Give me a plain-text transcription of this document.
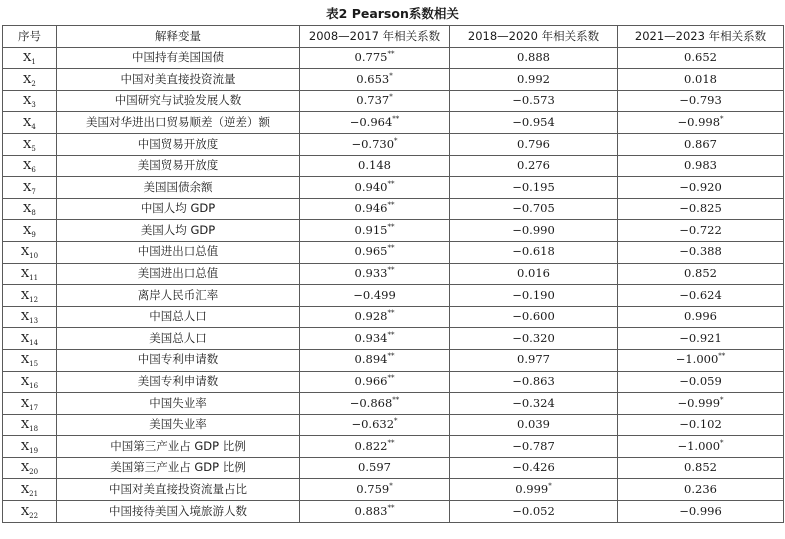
表2 Pearson系数相关
序号	解释变量	2008—2017 年相关系数	2018—2020 年相关系数	2021—2023 年相关系数
$X_1$	中国持有美国国债	0.775**	0.888	0.652
$X_2$	中国对美直接投资流量	0.653*	0.992	0.018
$X_3$	中国研究与试验发展人数	0.737*	−0.573	−0.793
$X_4$	美国对华进出口贸易顺差（逆差）额	−0.964**	−0.954	−0.998*
$X_5$	中国贸易开放度	−0.730*	0.796	0.867
$X_6$	美国贸易开放度	0.148	0.276	0.983
$X_7$	美国国债余额	0.940**	−0.195	−0.920
$X_8$	中国人均 GDP	0.946**	−0.705	−0.825
$X_9$	美国人均 GDP	0.915**	−0.990	−0.722
$X_{10}$	中国进出口总值	0.965**	−0.618	−0.388
$X_{11}$	美国进出口总值	0.933**	0.016	0.852
$X_{12}$	离岸人民币汇率	−0.499	−0.190	−0.624
$X_{13}$	中国总人口	0.928**	−0.600	0.996
$X_{14}$	美国总人口	0.934**	−0.320	−0.921
$X_{15}$	中国专利申请数	0.894**	0.977	−1.000**
$X_{16}$	美国专利申请数	0.966**	−0.863	−0.059
$X_{17}$	中国失业率	−0.868**	−0.324	−0.999*
$X_{18}$	美国失业率	−0.632*	0.039	−0.102
$X_{19}$	中国第三产业占 GDP 比例	0.822**	−0.787	−1.000*
$X_{20}$	美国第三产业占 GDP 比例	0.597	−0.426	0.852
$X_{21}$	中国对美直接投资流量占比	0.759*	0.999*	0.236
$X_{22}$	中国接待美国入境旅游人数	0.883**	−0.052	−0.996
